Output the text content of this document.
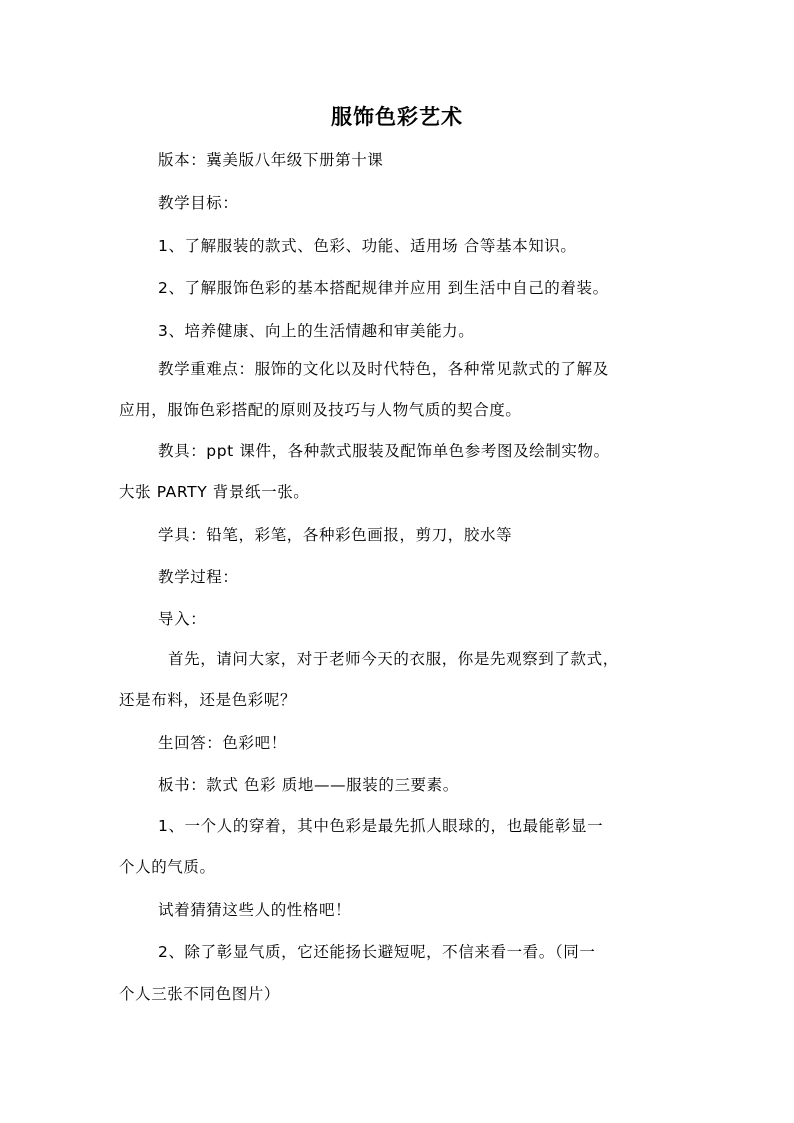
服饰色彩艺术
版本：冀美版八年级下册第十课
教学目标：
1、了解服装的款式、色彩、功能、适用场 合等基本知识。
2、了解服饰色彩的基本搭配规律并应用 到生活中自己的着装。
3、培养健康、向上的生活情趣和审美能力。
教学重难点：服饰的文化以及时代特色，各种常见款式的了解及
应用，服饰色彩搭配的原则及技巧与人物气质的契合度。
教具：ppt 课件，各种款式服装及配饰单色参考图及绘制实物。
大张 PARTY 背景纸一张。
学具：铅笔，彩笔，各种彩色画报，剪刀，胶水等
教学过程：
导入：
首先，请问大家，对于老师今天的衣服，你是先观察到了款式，
还是布料，还是色彩呢？
生回答：色彩吧！
板书：款式 色彩 质地——服装的三要素。
1、一个人的穿着，其中色彩是最先抓人眼球的，也最能彰显一
个人的气质。
试着猜猜这些人的性格吧！
2、除了彰显气质，它还能扬长避短呢，不信来看一看。（同一
个人三张不同色图片）
